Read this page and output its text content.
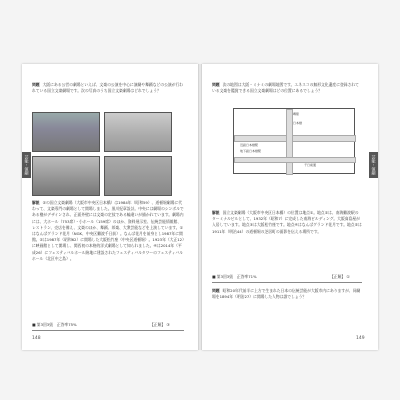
問題 大阪にある公営の劇場といえば、文楽の公演を中心に演劇や舞踊などの公演が行われている国立文楽劇場です。次の写真のうち国立文楽劇場はどれでしょう？
解説 ②の国立文楽劇場（大阪市中央区日本橋）は1984年（昭和59）、道頓堀劇場に代わって、文楽専門の劇場として開場しました。黒川紀章設計。中央には劇場のシンボルである櫓がデザインされ、正面外壁には文楽の定紋である輪違いが描かれています。劇場内には、大ホール（753席）・小ホール（159席）のほか、資料展示室、伝統芸能情報館、レストラン、売店を備え、文楽のほか、舞踊、邦楽、大衆芸能などを上演しています。①はなんばグランド花月（NGK、中央区難波千日前）。なんば花月を前身とし1987年に開館。②は1987年（昭和62）に開場した大阪松竹座（中央区道頓堀）。1923年（大正12）に映画館として開場し、関西初の本格的洋式劇場として知られました。④は2014年（平成26）にフェスティバルホール跡地に建設されたフェスティバルタワーのフェスティバルホール（北区中之島）。
■ 第3回3級　正答率75%	【正解】 ③
芸能・演劇
148
問題 次の地図は大阪・ミナミの劇場地図です。ユネスコの無形文化遺産に登録されている文楽を鑑賞できる国立文楽劇場はどの位置にあるでしょう？
堺筋
日本橋
近鉄日本橋駅
地下鉄日本橋駅
千日前通
解説 国立文楽劇場（大阪市中央区日本橋）の位置は地点①。地点②は、南海難波駅のターミナルビルとして、1932年（昭和7）に完成した南海ビルディング。大阪髙島屋が入居しています。地点③は大阪松竹座です。地点④はなんばグランド花月です。地点⑤は1911年（明治44）の道頓堀の芝居町の面影を伝える場所です。
■ 第3回3級　正答率71%	【正解】 ①
問題 昭和20年代前半に上方で生まれた日本の伝統芸能が大阪市内にありますが、同劇場を1894年（明治27）に開場した人物は誰でしょう？
芸能・演劇
149
